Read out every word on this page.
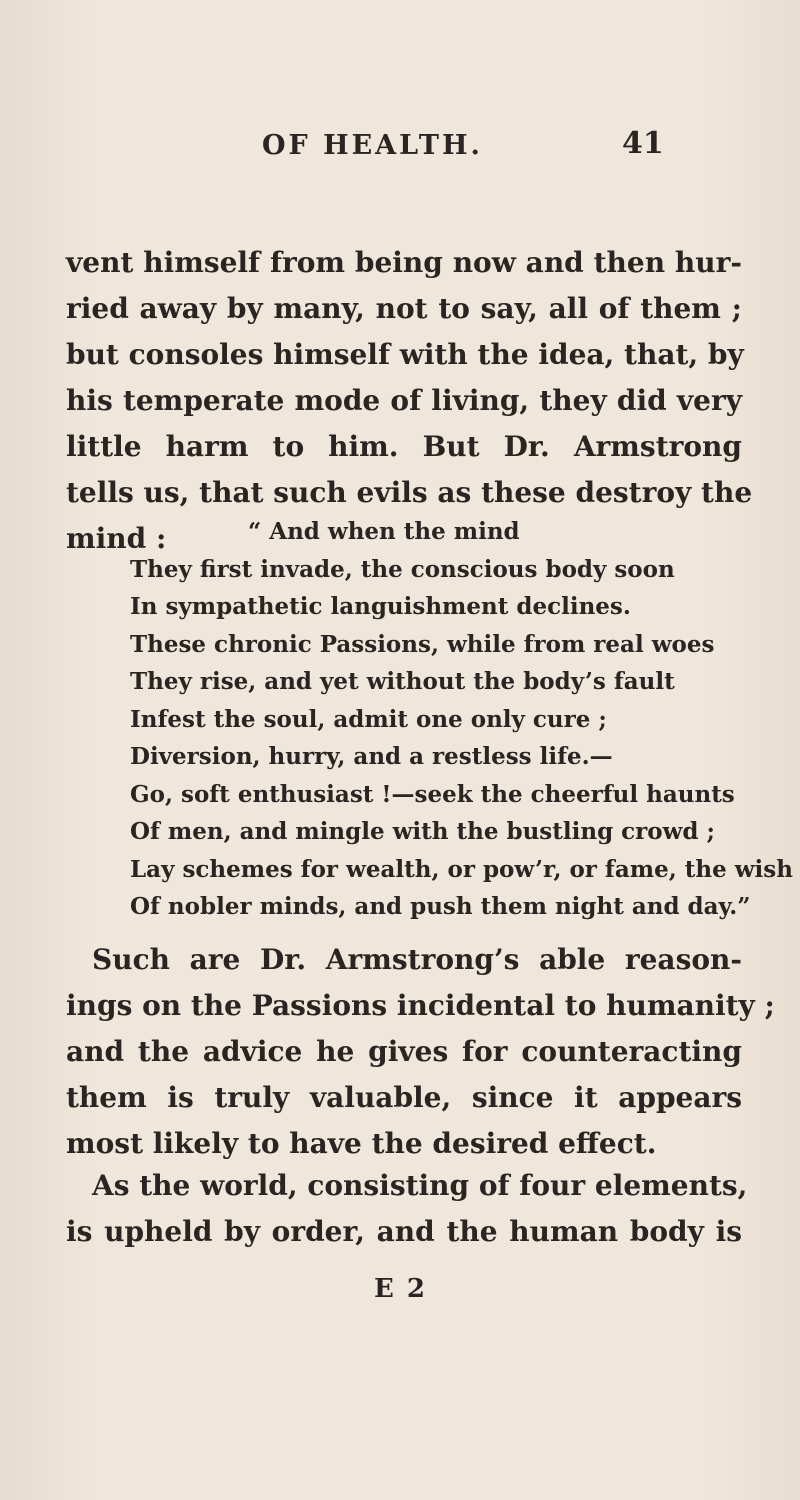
OF HEALTH.	41
vent himself from being now and then hur-
ried away by many, not to say, all of them ;
but consoles himself with the idea, that, by
his temperate mode of living, they did very
little harm to him. But Dr. Armstrong
tells us, that such evils as these destroy the
mind :	“ And when the mind
They first invade, the conscious body soon
In sympathetic languishment declines.
These chronic Passions, while from real woes
They rise, and yet without the body’s fault
Infest the soul, admit one only cure ;
Diversion, hurry, and a restless life.—
Go, soft enthusiast !—seek the cheerful haunts
Of men, and mingle with the bustling crowd ;
Lay schemes for wealth, or pow’r, or fame, the wish
Of nobler minds, and push them night and day.”
Such are Dr. Armstrong’s able reason-
ings on the Passions incidental to humanity ;
and the advice he gives for counteracting
them is truly valuable, since it appears
most likely to have the desired effect.
As the world, consisting of four elements,
is upheld by order, and the human body is
E 2
